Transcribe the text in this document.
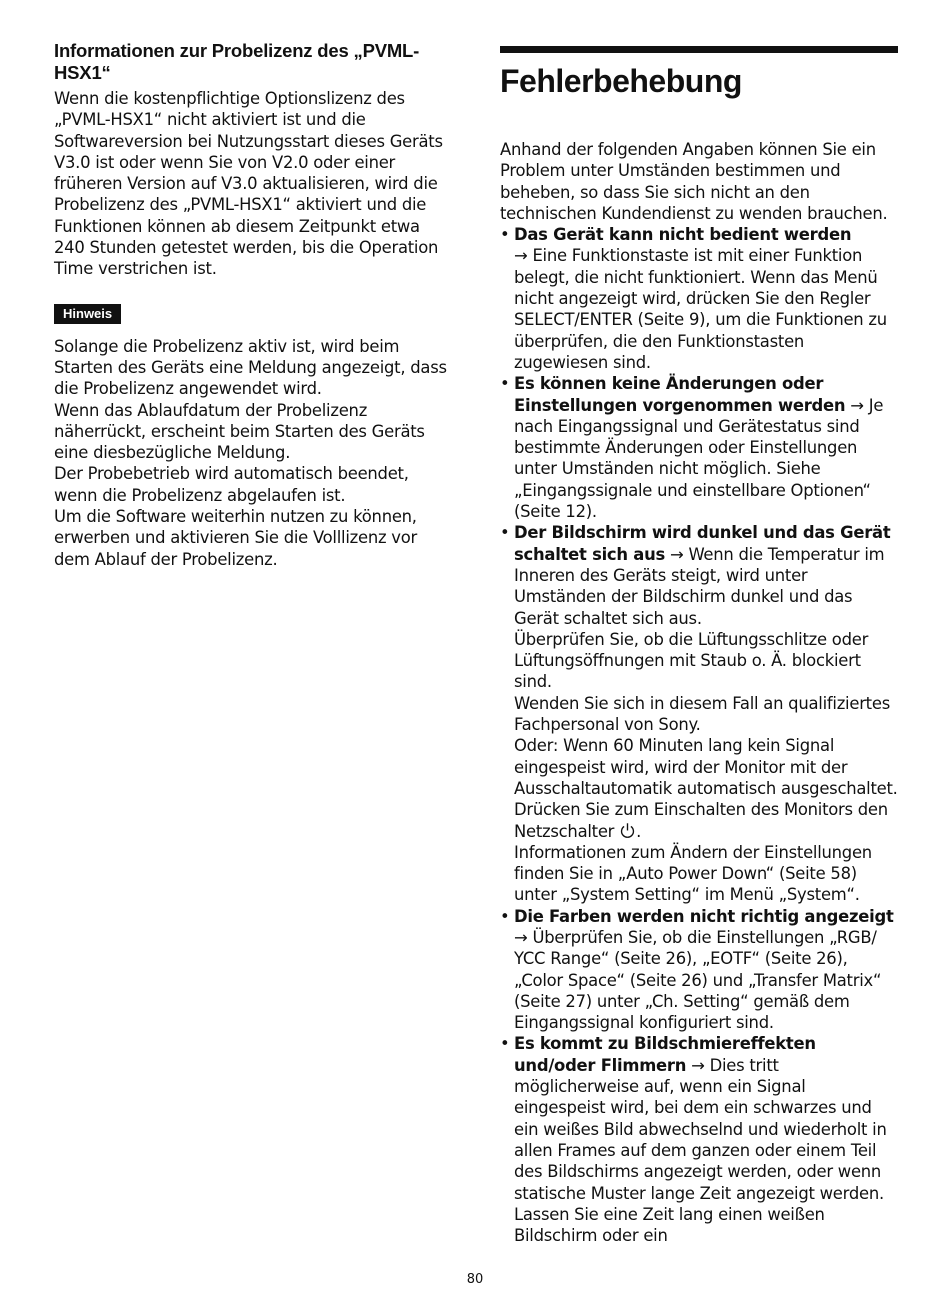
Informationen zur Probelizenz des „PVML-HSX1“

Wenn die kostenpflichtige Optionslizenz des „PVML-HSX1“ nicht aktiviert ist und die Softwareversion bei Nutzungsstart dieses Geräts V3.0 ist oder wenn Sie von V2.0 oder einer früheren Version auf V3.0 aktualisieren, wird die Probelizenz des „PVML-HSX1“ aktiviert und die Funktionen können ab diesem Zeitpunkt etwa 240 Stunden getestet werden, bis die Operation Time verstrichen ist.

Hinweis

Solange die Probelizenz aktiv ist, wird beim Starten des Geräts eine Meldung angezeigt, dass die Probelizenz angewendet wird.

Wenn das Ablaufdatum der Probelizenz näherrückt, erscheint beim Starten des Geräts eine diesbezügliche Meldung.

Der Probebetrieb wird automatisch beendet, wenn die Probelizenz abgelaufen ist.

Um die Software weiterhin nutzen zu können, erwerben und aktivieren Sie die Volllizenz vor dem Ablauf der Probelizenz.

Fehlerbehebung

Anhand der folgenden Angaben können Sie ein Problem unter Umständen bestimmen und beheben, so dass Sie sich nicht an den technischen Kundendienst zu wenden brauchen.

• Das Gerät kann nicht bedient werden
→ Eine Funktionstaste ist mit einer Funktion belegt, die nicht funktioniert. Wenn das Menü nicht angezeigt wird, drücken Sie den Regler SELECT/ENTER (Seite 9), um die Funktionen zu überprüfen, die den Funktionstasten zugewiesen sind.

• Es können keine Änderungen oder Einstellungen vorgenommen werden → Je nach Eingangssignal und Gerätestatus sind bestimmte Änderungen oder Einstellungen unter Umständen nicht möglich. Siehe „Eingangssignale und einstellbare Optionen“ (Seite 12).

• Der Bildschirm wird dunkel und das Gerät schaltet sich aus → Wenn die Temperatur im Inneren des Geräts steigt, wird unter Umständen der Bildschirm dunkel und das Gerät schaltet sich aus.

Überprüfen Sie, ob die Lüftungsschlitze oder Lüftungsöffnungen mit Staub o. Ä. blockiert sind.

Wenden Sie sich in diesem Fall an qualifiziertes Fachpersonal von Sony.

Oder: Wenn 60 Minuten lang kein Signal eingespeist wird, wird der Monitor mit der Ausschaltautomatik automatisch ausgeschaltet. Drücken Sie zum Einschalten des Monitors den Netzschalter .

Informationen zum Ändern der Einstellungen finden Sie in „Auto Power Down“ (Seite 58) unter „System Setting“ im Menü „System“.

• Die Farben werden nicht richtig angezeigt
→ Überprüfen Sie, ob die Einstellungen „RGB/ YCC Range“ (Seite 26), „EOTF“ (Seite 26), „Color Space“ (Seite 26) und „Transfer Matrix“ (Seite 27) unter „Ch. Setting“ gemäß dem Eingangssignal konfiguriert sind.

• Es kommt zu Bildschmiereffekten und/oder Flimmern → Dies tritt möglicherweise auf, wenn ein Signal eingespeist wird, bei dem ein schwarzes und ein weißes Bild abwechselnd und wiederholt in allen Frames auf dem ganzen oder einem Teil des Bildschirms angezeigt werden, oder wenn statische Muster lange Zeit angezeigt werden. Lassen Sie eine Zeit lang einen weißen Bildschirm oder ein

80
